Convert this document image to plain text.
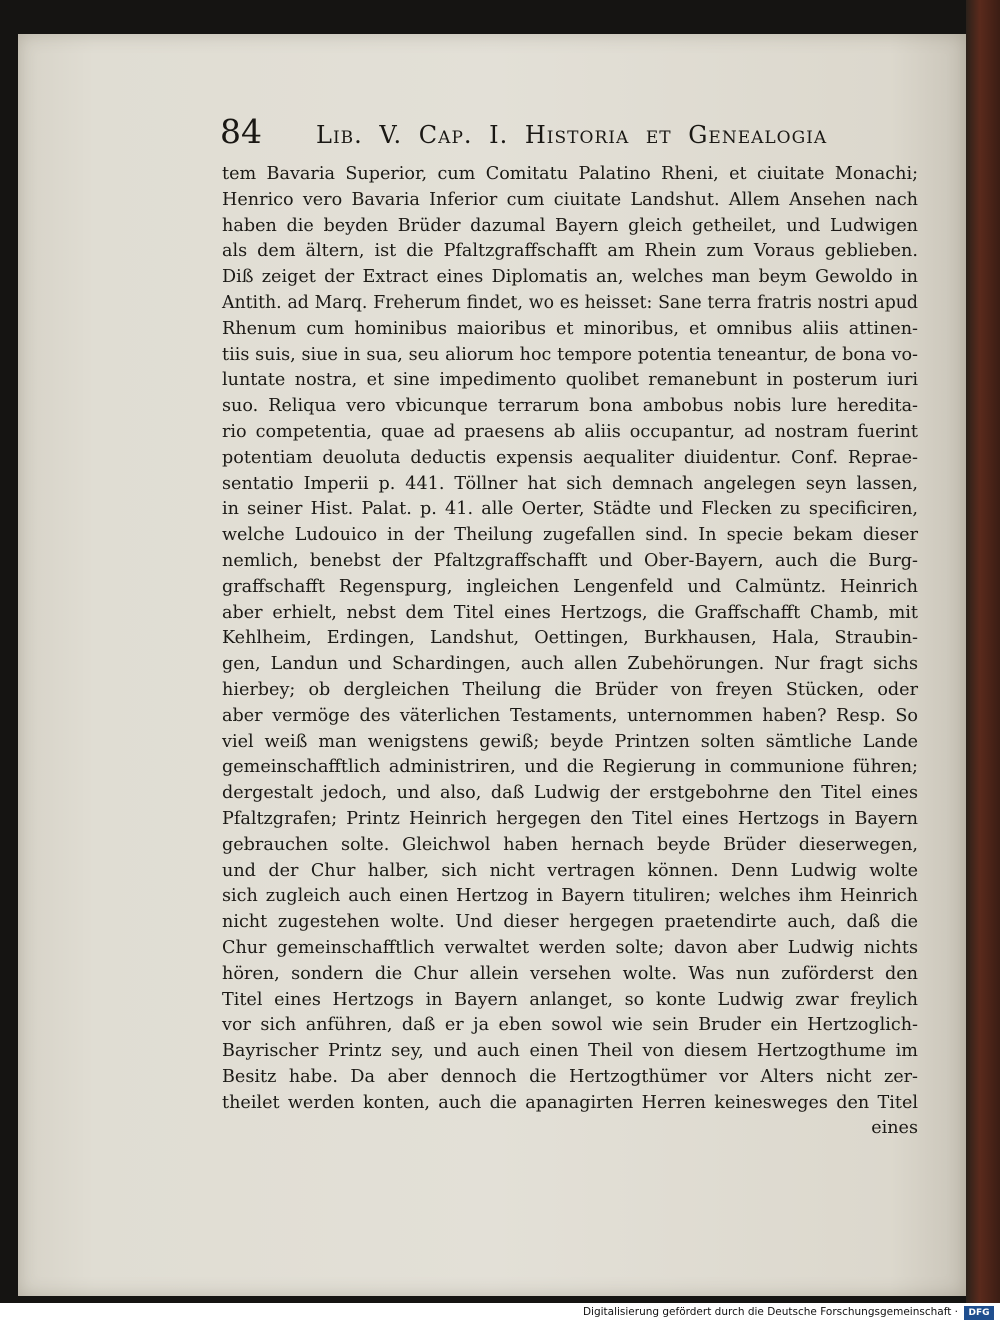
84	Lib. V. Cap. I. Historia et Genealogia
tem Bavaria Superior, cum Comitatu Palatino Rheni, et ciuitate Monachi;
Henrico vero Bavaria Inferior cum ciuitate Landshut. Allem Ansehen nach
haben die beyden Brüder dazumal Bayern gleich getheilet, und Ludwigen
als dem ältern, ist die Pfaltzgraffschafft am Rhein zum Voraus geblieben.
Diß zeiget der Extract eines Diplomatis an, welches man beym Gewoldo in
Antith. ad Marq. Freherum findet, wo es heisset: Sane terra fratris nostri apud
Rhenum cum hominibus maioribus et minoribus, et omnibus aliis attinen-
tiis suis, siue in sua, seu aliorum hoc tempore potentia teneantur, de bona vo-
luntate nostra, et sine impedimento quolibet remanebunt in posterum iuri
suo. Reliqua vero vbicunque terrarum bona ambobus nobis lure heredita-
rio competentia, quae ad praesens ab aliis occupantur, ad nostram fuerint
potentiam deuoluta deductis expensis aequaliter diuidentur. Conf. Reprae-
sentatio Imperii p. 441. Töllner hat sich demnach angelegen seyn lassen,
in seiner Hist. Palat. p. 41. alle Oerter, Städte und Flecken zu specificiren,
welche Ludouico in der Theilung zugefallen sind. In specie bekam dieser
nemlich, benebst der Pfaltzgraffschafft und Ober-Bayern, auch die Burg-
graffschafft Regenspurg, ingleichen Lengenfeld und Calmüntz. Heinrich
aber erhielt, nebst dem Titel eines Hertzogs, die Graffschafft Chamb, mit
Kehlheim, Erdingen, Landshut, Oettingen, Burkhausen, Hala, Straubin-
gen, Landun und Schardingen, auch allen Zubehörungen. Nur fragt sichs
hierbey; ob dergleichen Theilung die Brüder von freyen Stücken, oder
aber vermöge des väterlichen Testaments, unternommen haben? Resp. So
viel weiß man wenigstens gewiß; beyde Printzen solten sämtliche Lande
gemeinschafftlich administriren, und die Regierung in communione führen;
dergestalt jedoch, und also, daß Ludwig der erstgebohrne den Titel eines
Pfaltzgrafen; Printz Heinrich hergegen den Titel eines Hertzogs in Bayern
gebrauchen solte. Gleichwol haben hernach beyde Brüder dieserwegen,
und der Chur halber, sich nicht vertragen können. Denn Ludwig wolte
sich zugleich auch einen Hertzog in Bayern tituliren; welches ihm Heinrich
nicht zugestehen wolte. Und dieser hergegen praetendirte auch, daß die
Chur gemeinschafftlich verwaltet werden solte; davon aber Ludwig nichts
hören, sondern die Chur allein versehen wolte. Was nun zuförderst den
Titel eines Hertzogs in Bayern anlanget, so konte Ludwig zwar freylich
vor sich anführen, daß er ja eben sowol wie sein Bruder ein Hertzoglich-
Bayrischer Printz sey, und auch einen Theil von diesem Hertzogthume im
Besitz habe. Da aber dennoch die Hertzogthümer vor Alters nicht zer-
theilet werden konten, auch die apanagirten Herren keinesweges den Titel
eines
Digitalisierung gefördert durch die Deutsche Forschungsgemeinschaft ·	DFG
